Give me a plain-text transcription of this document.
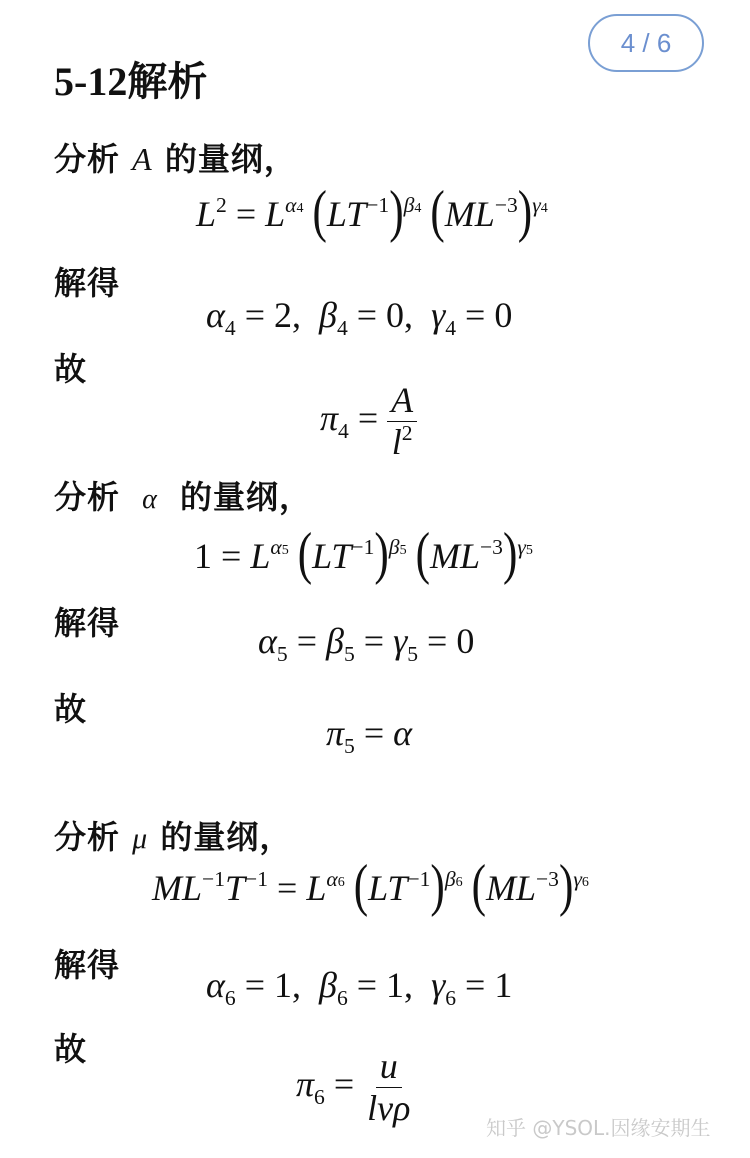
5-12解析
4 / 6
分析 A 的量纲，
$L^2 = L^{\alpha 4}$ $(LT^{-1})^{\beta 4}$ $(ML^{-3})^{\gamma 4}$
解得
$\alpha_4 = 2$,  $\beta_4 = 0$,  $\gamma_4 = 0$
故
$\pi_4 = \frac{A}{l^2}$
分析 α 的量纲，
$1 = L^{\alpha 5}$ $(LT^{-1})^{\beta 5}$ $(ML^{-3})^{\gamma 5}$
解得	$\alpha_5 = \beta_5 = \gamma_5 = 0$
故
$\pi_5 = \alpha$
分析 μ 的量纲，
$ML^{-1}T^{-1} = L^{\alpha 6}$ $(LT^{-1})^{\beta 6}$ $(ML^{-3})^{\gamma 6}$
解得 $\alpha_6 = 1$,  $\beta_6 = 1$,  $\gamma_6 = 1$
故
$\pi_6 = \frac{u}{\text{lvρ}}$	知乎 @YSOL.因缘安期生
